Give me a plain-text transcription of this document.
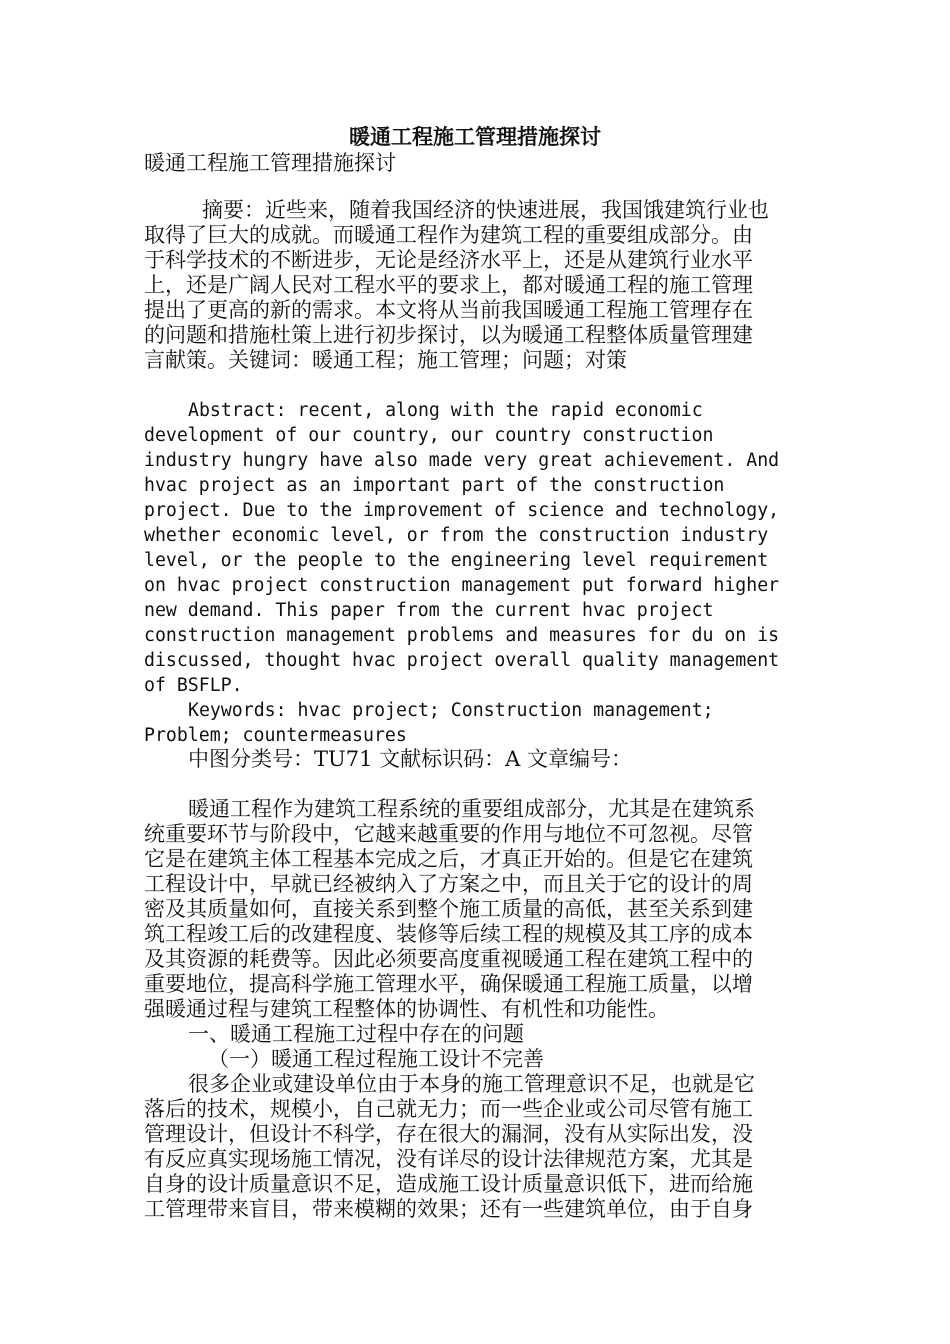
暖通工程施工管理措施探讨
暖通工程施工管理措施探讨
摘要：近些来，随着我国经济的快速进展，我国饿建筑行业也
取得了巨大的成就。而暖通工程作为建筑工程的重要组成部分。由
于科学技术的不断进步，无论是经济水平上，还是从建筑行业水平
上，还是广阔人民对工程水平的要求上，都对暖通工程的施工管理
提出了更高的新的需求。本文将从当前我国暖通工程施工管理存在
的问题和措施杜策上进行初步探讨，以为暖通工程整体质量管理建
言献策。关键词：暖通工程；施工管理；问题；对策
Abstract: recent, along with the rapid economic
development of our country, our country construction
industry hungry have also made very great achievement. And
hvac project as an important part of the construction
project. Due to the improvement of science and technology,
whether economic level, or from the construction industry
level, or the people to the engineering level requirement
on hvac project construction management put forward higher
new demand. This paper from the current hvac project
construction management problems and measures for du on is
discussed, thought hvac project overall quality management
of BSFLP.
Keywords: hvac project; Construction management;
Problem; countermeasures
中图分类号：TU71 文献标识码：A 文章编号：
暖通工程作为建筑工程系统的重要组成部分，尤其是在建筑系
统重要环节与阶段中，它越来越重要的作用与地位不可忽视。尽管
它是在建筑主体工程基本完成之后，才真正开始的。但是它在建筑
工程设计中，早就已经被纳入了方案之中，而且关于它的设计的周
密及其质量如何，直接关系到整个施工质量的高低，甚至关系到建
筑工程竣工后的改建程度、装修等后续工程的规模及其工序的成本
及其资源的耗费等。因此必须要高度重视暖通工程在建筑工程中的
重要地位，提高科学施工管理水平，确保暖通工程施工质量，以增
强暖通过程与建筑工程整体的协调性、有机性和功能性。
一、暖通工程施工过程中存在的问题
（一）暖通工程过程施工设计不完善
很多企业或建设单位由于本身的施工管理意识不足，也就是它
落后的技术，规模小，自己就无力；而一些企业或公司尽管有施工
管理设计，但设计不科学，存在很大的漏洞，没有从实际出发，没
有反应真实现场施工情况，没有详尽的设计法律规范方案，尤其是
自身的设计质量意识不足，造成施工设计质量意识低下，进而给施
工管理带来盲目，带来模糊的效果；还有一些建筑单位，由于自身
